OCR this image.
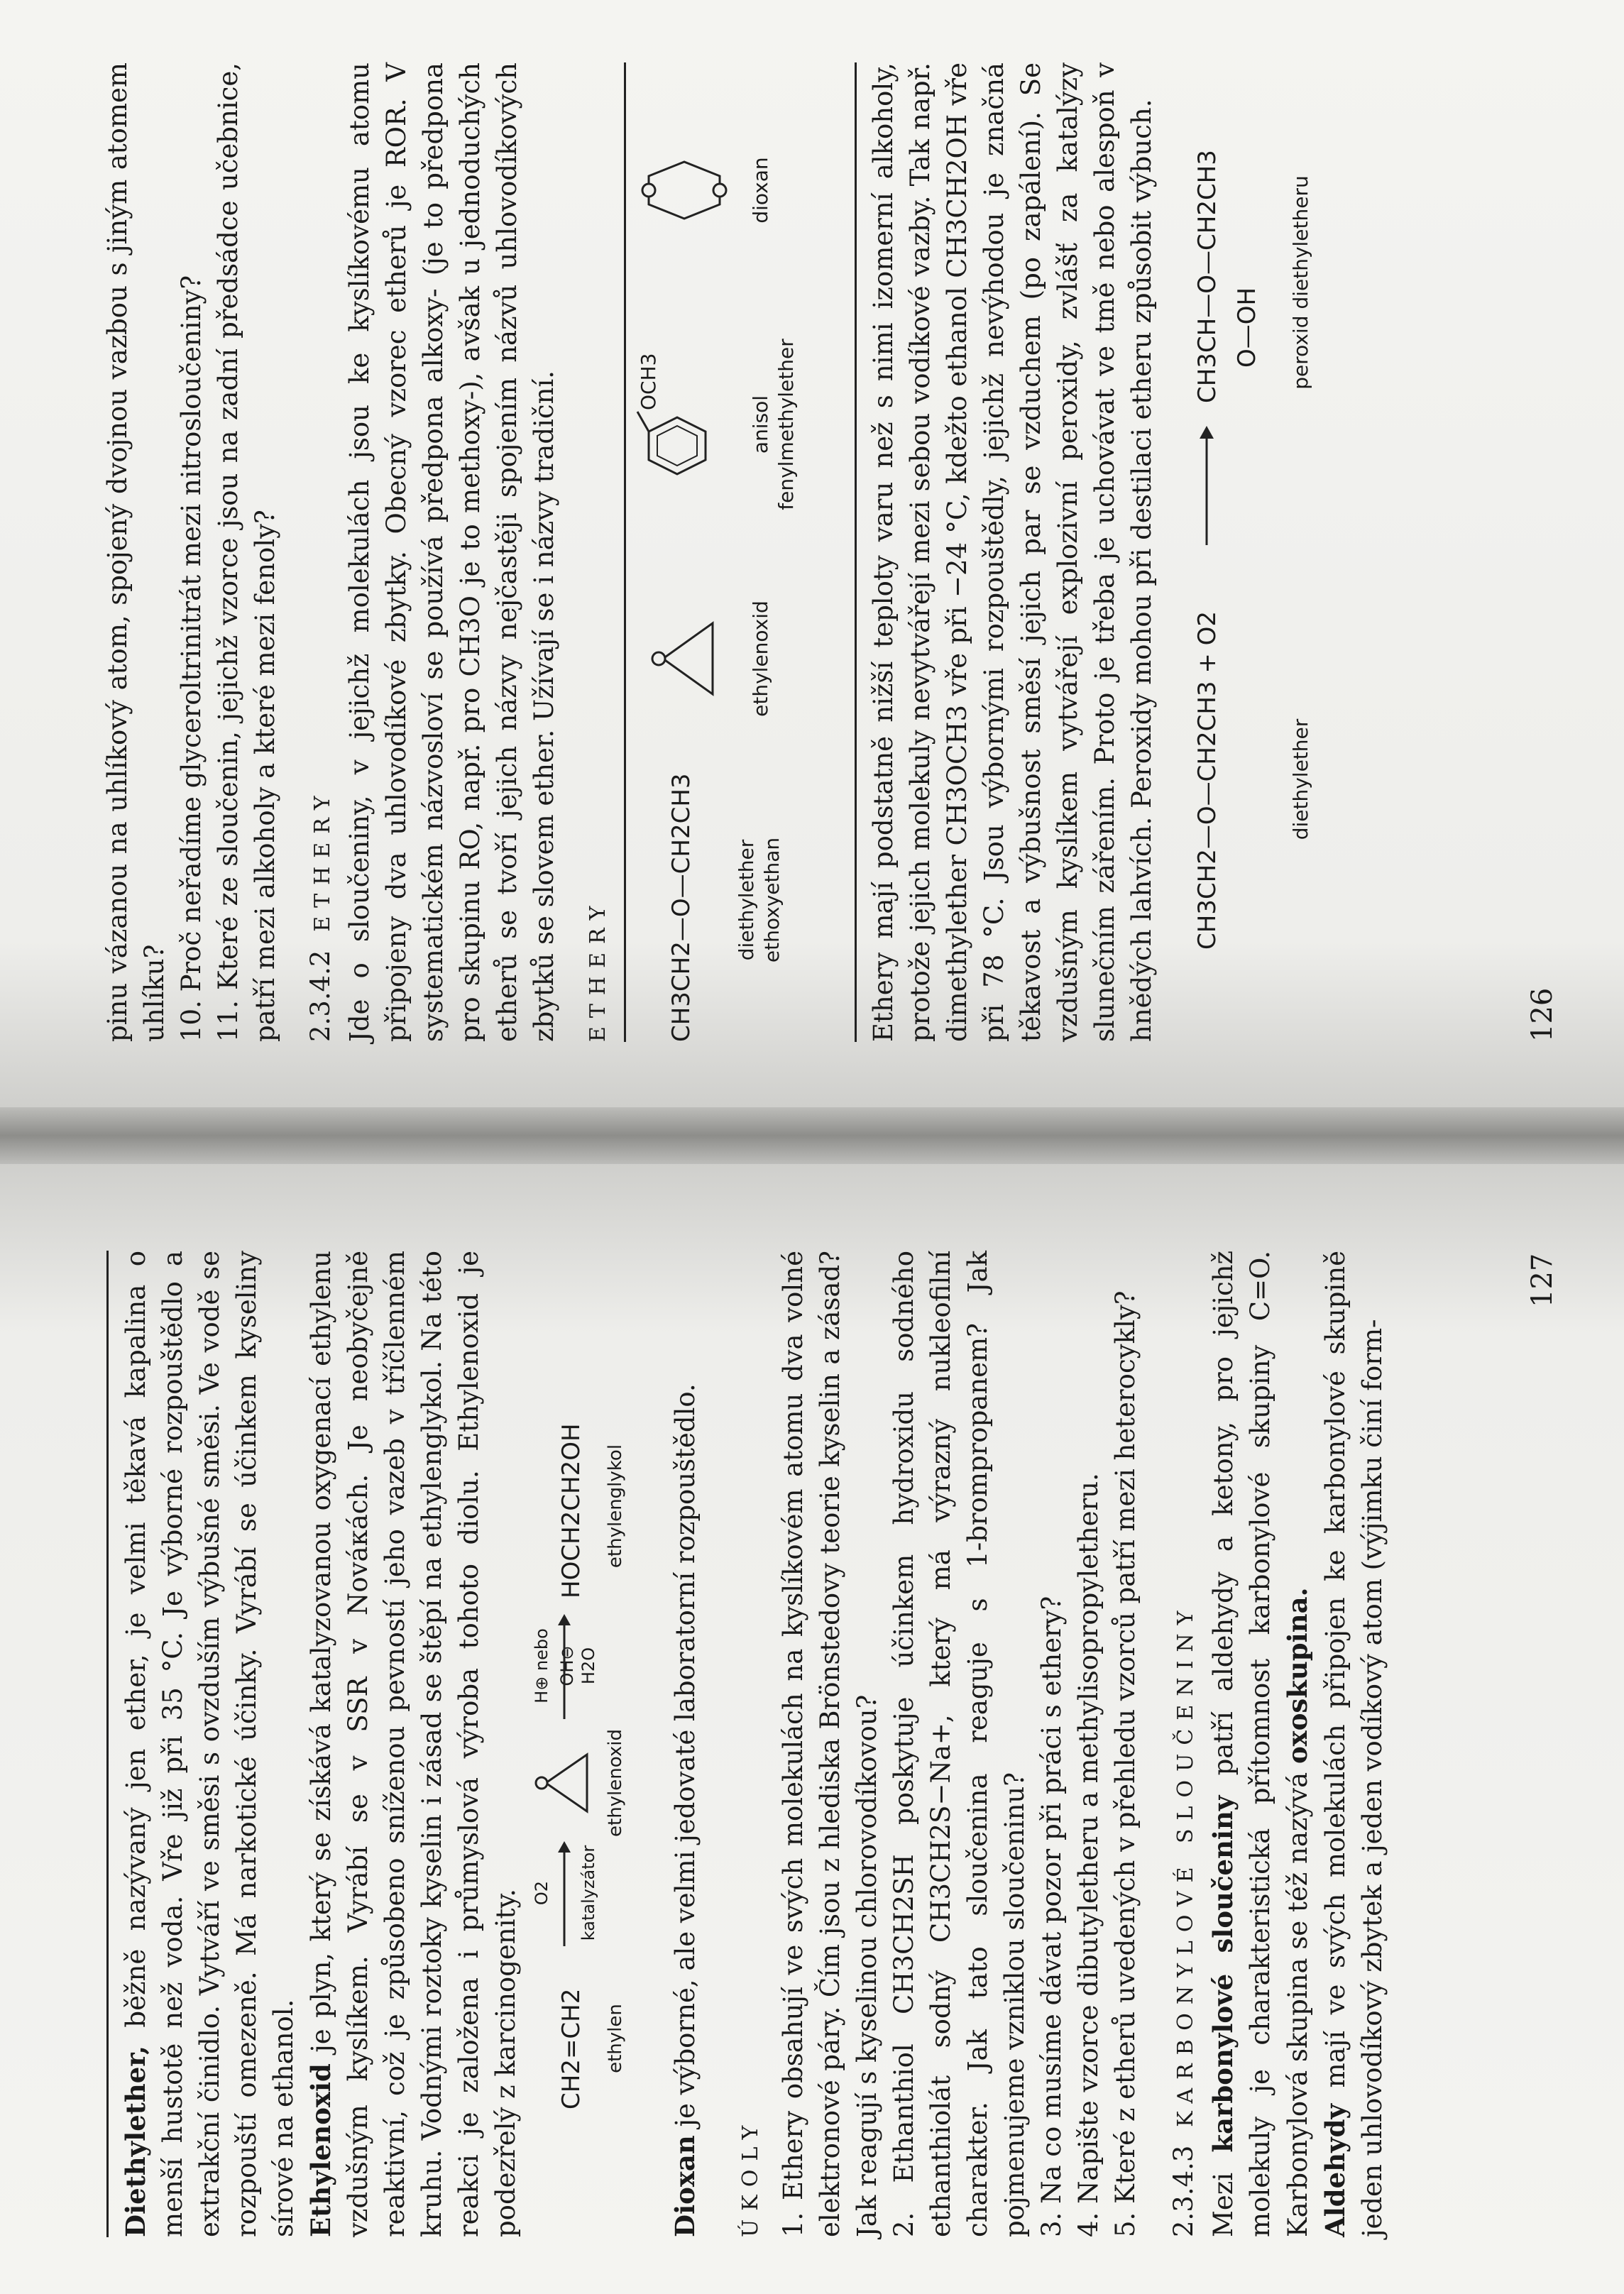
pinu vázanou na uhlíkový atom, spojený dvojnou vazbou s jiným atomem uhlíku? 10. Proč neřadíme glyceroltrinitrát mezi nitrosloučeniny? 11. Které ze sloučenin, jejichž vzorce jsou na zadní předsádce učebnice, patří mezi alkoholy a které mezi fenoly? 2.3.4.2 ETHERY Jde o sloučeniny, v jejichž molekulách jsou ke kyslíkovému atomu připojeny dva uhlovodíkové zbytky. Obecný vzorec etherů je ROR. V systematickém názvosloví se používá předpona alkoxy- (je to předpona pro skupinu RO, např. pro CH3O je to methoxy-), avšak u jednoduchých etherů se tvoří jejich názvy nejčastěji spojením názvů uhlovodíkových zbytků se slovem ether. Užívají se i názvy tradiční. ETHERY CH3CH2—O—CH2CH3 diethylether ethoxyethan
ethylenoxid
OCH3
anisol fenylmethylether
dioxan	Ethery mají podstatně nižší teploty varu než s nimi izomerní alkoholy, protože jejich molekuly nevytvářejí mezi sebou vodíkové vazby. Tak např. dimethylether CH3OCH3 vře při −24 °C, kdežto ethanol CH3CH2OH vře při 78 °C. Jsou výbornými rozpouštědly, jejichž nevýhodou je značná těkavost a výbušnost směsí jejich par se vzduchem (po zapálení). Se vzdušným kyslíkem vytvářejí explozivní peroxidy, zvlášť za katalýzy slunečním zářením. Proto je třeba je uchovávat ve tmě nebo alespoň v hnědých lahvích. Peroxidy mohou při destilaci etheru způsobit výbuch. CH3CH2—O—CH2CH3 + O2
CH3CH—O—CH2CH3 O—OH
diethylether
peroxid diethyletheru
126

Diethylether, běžně nazývaný jen ether, je velmi těkavá kapalina o menší hustotě než voda. Vře již při 35 °C. Je výborné rozpouštědlo a extrakční činidlo. Vytváří ve směsi s ovzduším výbušné směsi. Ve vodě se rozpouští omezeně. Má narkotické účinky. Vyrábí se účinkem kyseliny sírové na ethanol. Ethylenoxid je plyn, který se získává katalyzovanou oxygenací ethylenu vzdušným kyslíkem. Vyrábí se v SSR v Nováκách. Je neobyčejně reaktivní, což je způsobeno sníženou pevností jeho vazeb v tříčlenném kruhu. Vodnými roztoky kyselin i zásad se štěpí na ethylenglykol. Na této reakci je založena i průmyslová výroba tohoto diolu. Ethylenoxid je podezřelý z karcinogenity. CH2=CH2 ethylen
O2 katalyzátor
ethylenoxid
H⊕ nebo OH⊖ H2O
HOCH2CH2OH ethylenglykol

Dioxan je výborné, ale velmi jedovaté laboratorní rozpouštědlo.

ÚKOLY 1. Ethery obsahují ve svých molekulách na kyslíkovém atomu dva volné elektronové páry. Čím jsou z hlediska Brönstedovy teorie kyselin a zásad? Jak reagují s kyselinou chlorovodíkovou? 2. Ethanthiol CH3CH2SH poskytuje účinkem hydroxidu sodného ethanthiolát sodný CH3CH2S−Na+, který má výrazný nukleofilní charakter. Jak tato sloučenina reaguje s 1-brompropanem? Jak pojmenujeme vzniklou sloučeninu? 3. Na co musíme dávat pozor při práci s ethery? 4. Napište vzorce dibutyletheru a methylisopropyletheru. 5. Které z etherů uvedených v přehledu vzorců patří mezi heterocykly? 2.3.4.3 KARBONYLOVÉ SLOUČENINY

Mezi karbonylové sloučeniny patří aldehydy a ketony, pro jejichž molekuly je charakteristická přítomnost karbonylové skupiny C=O. Karbonylová skupina se též nazývá oxoskupina.

Aldehydy mají ve svých molekulách připojen ke karbonylové skupině jeden uhlovodíkový zbytek a jeden vodíkový atom (výjimku činí form-

127
